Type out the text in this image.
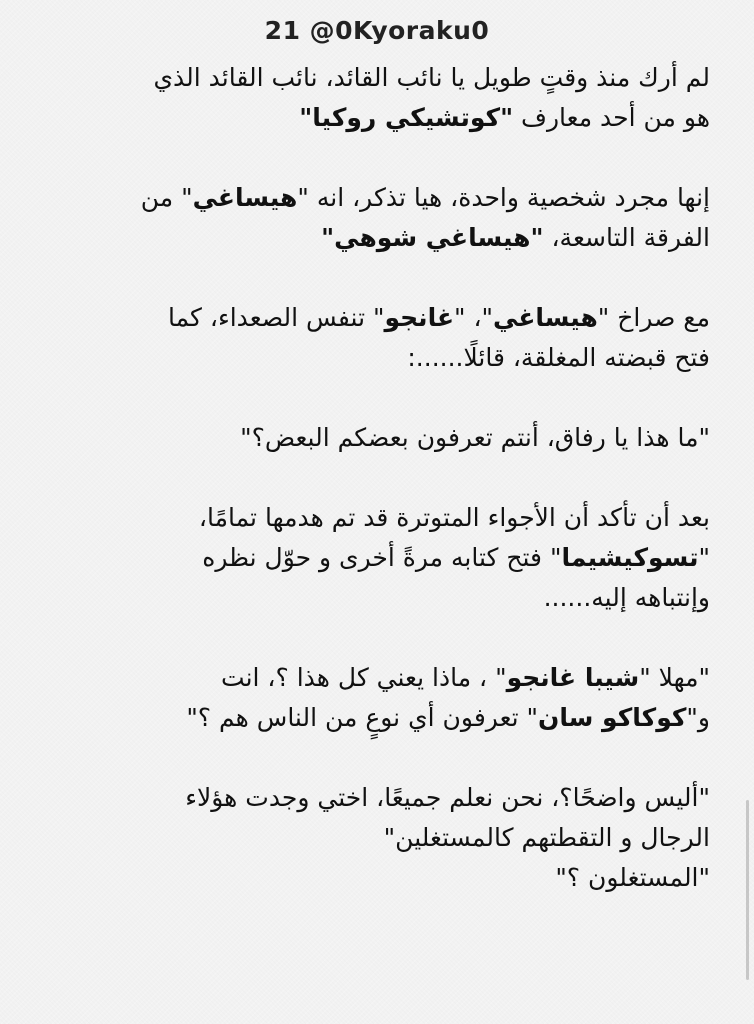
21 @0Kyoraku0
لم أرك منذ وقتٍ طويل يا نائب القائد، نائب القائد الذي
هو من أحد معارف "كوتشيكي روكيا"
إنها مجرد شخصية واحدة، هيا تذكر، انه "هيساغي" من
الفرقة التاسعة، "هيساغي شوهي"
مع صراخ "هيساغي"، "غانجو" تنفس الصعداء، كما
فتح قبضته المغلقة، قائلًا......:
"ما هذا يا رفاق، أنتم تعرفون بعضكم البعض؟"
بعد أن تأكد أن الأجواء المتوترة قد تم هدمها تمامًا،
"تسوكيشيما" فتح كتابه مرةً أخرى و حوّل نظره
وإنتباهه إليه......
"مهلا "شيبا غانجو" ، ماذا يعني كل هذا ؟، انت
و"كوكاكو سان" تعرفون أي نوعٍ من الناس هم ؟"
"أليس واضحًا؟، نحن نعلم جميعًا، اختي وجدت هؤلاء
الرجال و التقطتهم كالمستغلين"
"المستغلون ؟"
